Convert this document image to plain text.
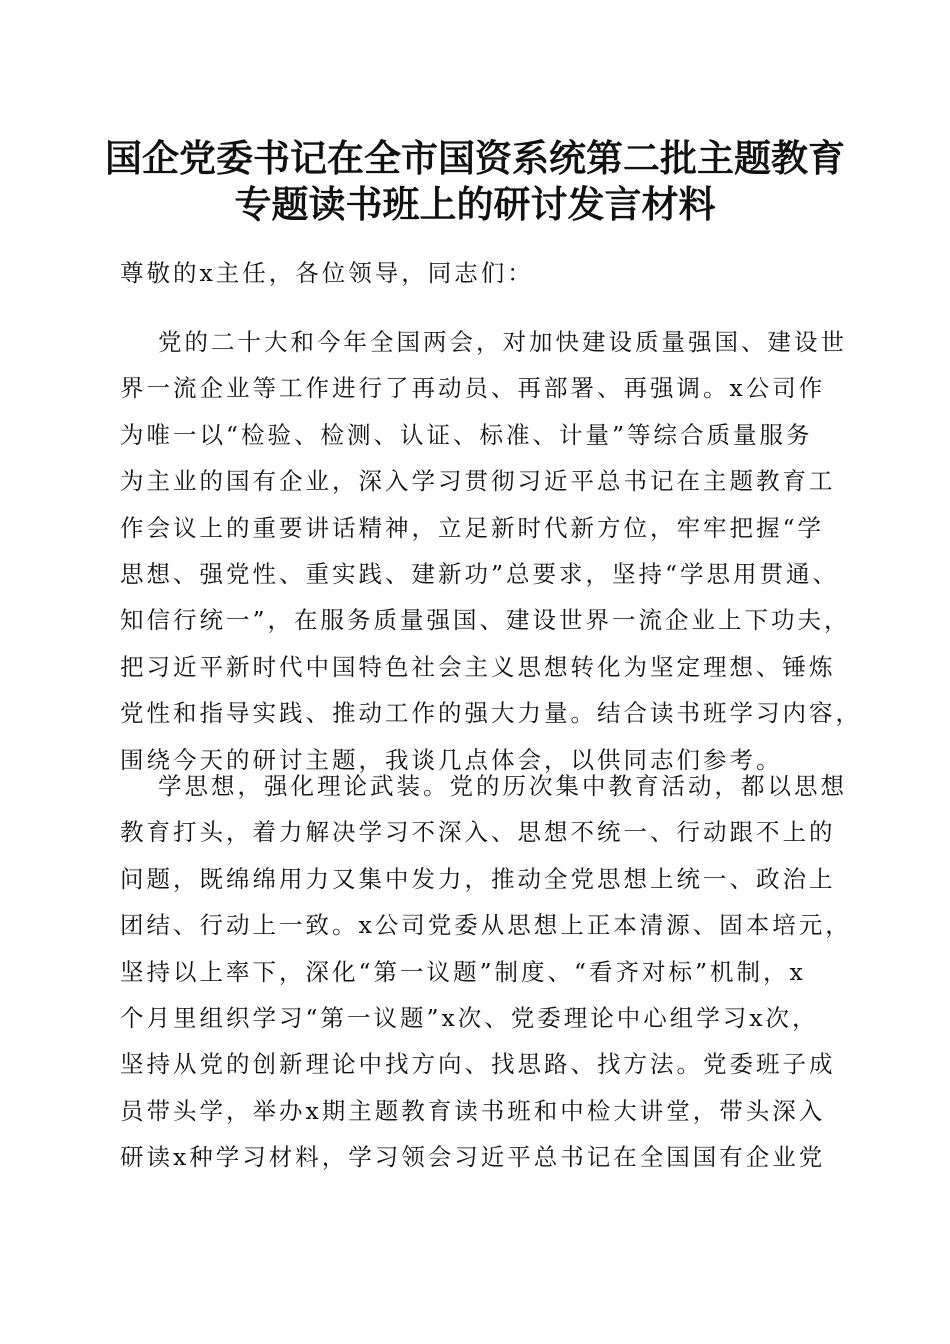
国企党委书记在全市国资系统第二批主题教育
专题读书班上的研讨发言材料
尊敬的x主任，各位领导，同志们：
党的二十大和今年全国两会，对加快建设质量强国、建设世
界一流企业等工作进行了再动员、再部署、再强调。x公司作
为唯一以“检验、检测、认证、标准、计量”等综合质量服务
为主业的国有企业，深入学习贯彻习近平总书记在主题教育工
作会议上的重要讲话精神，立足新时代新方位，牢牢把握“学
思想、强党性、重实践、建新功”总要求，坚持“学思用贯通、
知信行统一”，在服务质量强国、建设世界一流企业上下功夫，
把习近平新时代中国特色社会主义思想转化为坚定理想、锤炼
党性和指导实践、推动工作的强大力量。结合读书班学习内容，
围绕今天的研讨主题，我谈几点体会，以供同志们参考。
学思想，强化理论武装。党的历次集中教育活动，都以思想
教育打头，着力解决学习不深入、思想不统一、行动跟不上的
问题，既绵绵用力又集中发力，推动全党思想上统一、政治上
团结、行动上一致。x公司党委从思想上正本清源、固本培元，
坚持以上率下，深化“第一议题”制度、“看齐对标”机制，x
个月里组织学习“第一议题”x次、党委理论中心组学习x次，
坚持从党的创新理论中找方向、找思路、找方法。党委班子成
员带头学，举办x期主题教育读书班和中检大讲堂，带头深入
研读x种学习材料，学习领会习近平总书记在全国国有企业党
